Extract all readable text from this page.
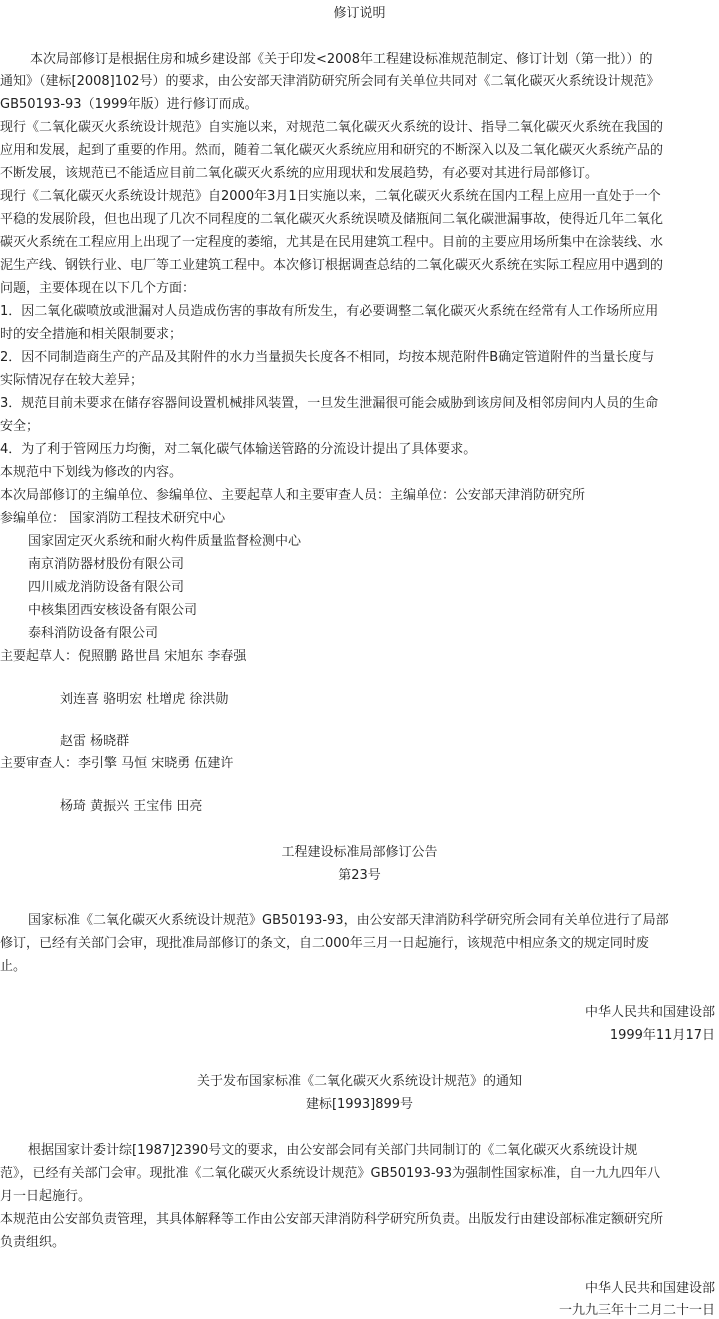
修订说明
本次局部修订是根据住房和城乡建设部《关于印发<2008年工程建设标准规范制定、修订计划（第一批））的
通知》（建标[2008]102号）的要求，由公安部天津消防研究所会同有关单位共同对《二氧化碳灭火系统设计规范》
GB50193-93（1999年版）进行修订而成。
现行《二氧化碳灭火系统设计规范》自实施以来，对规范二氧化碳灭火系统的设计、指导二氧化碳灭火系统在我国的
应用和发展，起到了重要的作用。然而，随着二氧化碳灭火系统应用和研究的不断深入以及二氧化碳灭火系统产品的
不断发展，该规范已不能适应目前二氧化碳灭火系统的应用现状和发展趋势，有必要对其进行局部修订。
现行《二氧化碳灭火系统设计规范》自2000年3月1日实施以来，二氧化碳灭火系统在国内工程上应用一直处于一个
平稳的发展阶段，但也出现了几次不同程度的二氧化碳灭火系统误喷及储瓶间二氧化碳泄漏事故，使得近几年二氧化
碳灭火系统在工程应用上出现了一定程度的萎缩，尤其是在民用建筑工程中。目前的主要应用场所集中在涂装线、水
泥生产线、钢铁行业、电厂等工业建筑工程中。本次修订根据调查总结的二氧化碳灭火系统在实际工程应用中遇到的
问题，主要体现在以下几个方面：
1．因二氧化碳喷放或泄漏对人员造成伤害的事故有所发生，有必要调整二氧化碳灭火系统在经常有人工作场所应用
时的安全措施和相关限制要求；
2．因不同制造商生产的产品及其附件的水力当量损失长度各不相同，均按本规范附件B确定管道附件的当量长度与
实际情况存在较大差异；
3．规范目前未要求在储存容器间设置机械排风装置，一旦发生泄漏很可能会威胁到该房间及相邻房间内人员的生命
安全；
4．为了利于管网压力均衡，对二氧化碳气体输送管路的分流设计提出了具体要求。
本规范中下划线为修改的内容。
本次局部修订的主编单位、参编单位、主要起草人和主要审查人员：主编单位：公安部天津消防研究所
参编单位： 国家消防工程技术研究中心
国家固定灭火系统和耐火构件质量监督检测中心
南京消防器材股份有限公司
四川威龙消防设备有限公司
中核集团西安核设备有限公司
泰科消防设备有限公司
主要起草人：倪照鹏 路世昌 宋旭东 李春强
刘连喜 骆明宏 杜增虎 徐洪勋
赵雷 杨晓群
主要审查人：李引擎 马恒 宋晓勇 伍建许
杨琦 黄振兴 王宝伟 田亮
工程建设标准局部修订公告
第23号
国家标准《二氧化碳灭火系统设计规范》GB50193-93，由公安部天津消防科学研究所会同有关单位进行了局部
修订，已经有关部门会审，现批准局部修订的条文，自二000年三月一日起施行，该规范中相应条文的规定同时废
止。
中华人民共和国建设部
1999年11月17日
关于发布国家标准《二氧化碳灭火系统设计规范》的通知
建标[1993]899号
根据国家计委计综[1987]2390号文的要求，由公安部会同有关部门共同制订的《二氧化碳灭火系统设计规
范》，已经有关部门会审。现批准《二氧化碳灭火系统设计规范》GB50193-93为强制性国家标准，自一九九四年八
月一日起施行。
本规范由公安部负责管理，其具体解释等工作由公安部天津消防科学研究所负责。出版发行由建设部标准定额研究所
负责组织。
中华人民共和国建设部
一九九三年十二月二十一日
